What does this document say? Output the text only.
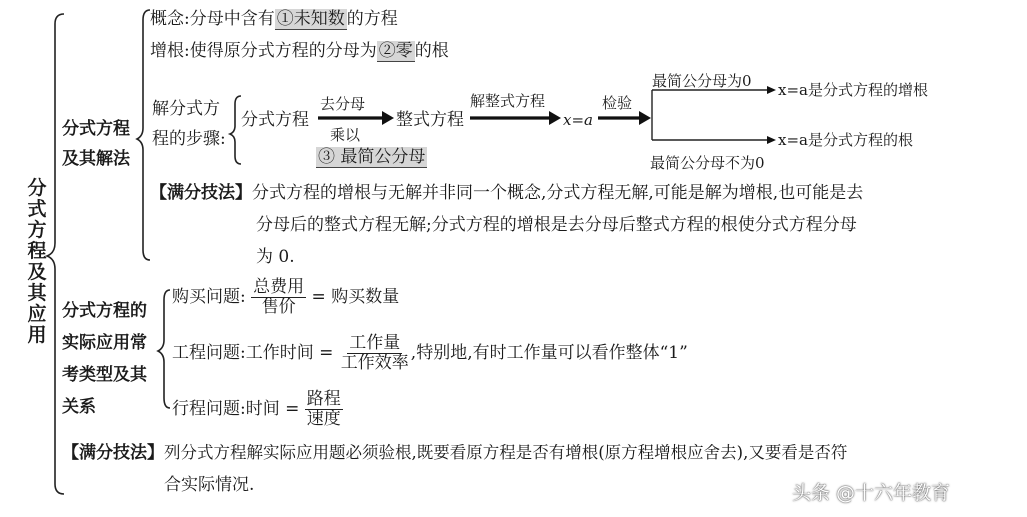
分式方程及其应用
分式方程
及其解法
概念:分母中含有 ①未知数 的方程
增根:使得原分式方程的分母为 ②零 的根
解分式方
程的步骤:
分式方程
去分母
乘以
③ 最简公分母
整式方程
解整式方程
x=a
检验
最简公分母为0 x=a是分式方程的增根
x=a是分式方程的根
最简公分母不为0
【满分技法】分式方程的增根与无解并非同一个概念,分式方程无解,可能是解为增根,也可能是去
分母后的整式方程无解;分式方程的增根是去分母后整式方程的根使分式方程分母
为 0.
分式方程的
实际应用常
考类型及其
关系
购买问题: $\frac{\text{总费用}}{\text{售价}}$ = 购买数量
工程问题:工作时间 = $\frac{\text{工作量}}{\text{工作效率}}$ ,特别地,有时工作量可以看作整体“1”
行程问题:时间 = $\frac{\text{路程}}{\text{速度}}$
【满分技法】列分式方程解实际应用题必须验根,既要看原方程是否有增根(原方程增根应舍去),又要看是否符
合实际情况.	头条 @十六年教育
